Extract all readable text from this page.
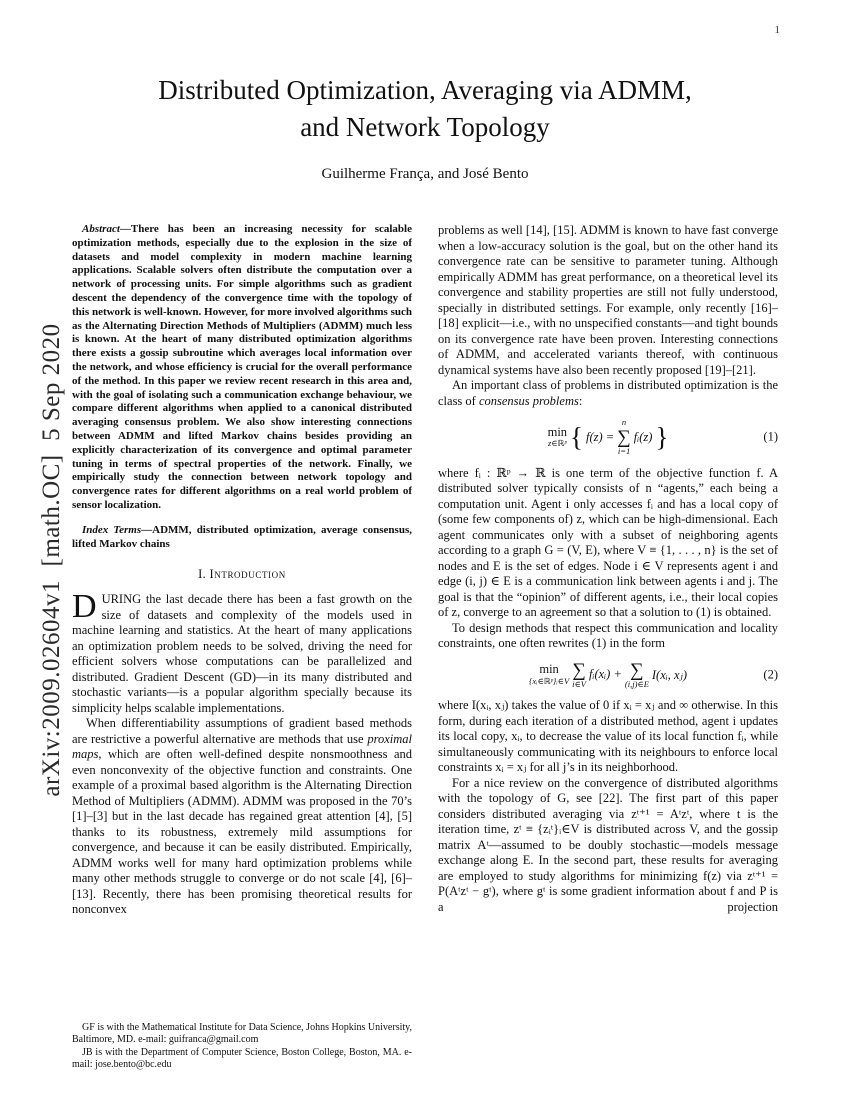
1
arXiv:2009.02604v1  [math.OC]  5 Sep 2020
Distributed Optimization, Averaging via ADMM,
and Network Topology
Guilherme França, and José Bento

Abstract—There has been an increasing necessity for scalable optimization methods, especially due to the explosion in the size of datasets and model complexity in modern machine learning applications. Scalable solvers often distribute the computation over a network of processing units. For simple algorithms such as gradient descent the dependency of the convergence time with the topology of this network is well-known. However, for more involved algorithms such as the Alternating Direction Methods of Multipliers (ADMM) much less is known. At the heart of many distributed optimization algorithms there exists a gossip subroutine which averages local information over the network, and whose efficiency is crucial for the overall performance of the method. In this paper we review recent research in this area and, with the goal of isolating such a communication exchange behaviour, we compare different algorithms when applied to a canonical distributed averaging consensus problem. We also show interesting connections between ADMM and lifted Markov chains besides providing an explicitly characterization of its convergence and optimal parameter tuning in terms of spectral properties of the network. Finally, we empirically study the connection between network topology and convergence rates for different algorithms on a real world problem of sensor localization.

Index Terms—ADMM, distributed optimization, average consensus, lifted Markov chains

I. Introduction

DURING the last decade there has been a fast growth on the size of datasets and complexity of the models used in machine learning and statistics. At the heart of many applications an optimization problem needs to be solved, driving the need for efficient solvers whose computations can be parallelized and distributed. Gradient Descent (GD)—in its many distributed and stochastic variants—is a popular algorithm specially because its simplicity helps scalable implementations.

When differentiability assumptions of gradient based methods are restrictive a powerful alternative are methods that use proximal maps, which are often well-defined despite nonsmoothness and even nonconvexity of the objective function and constraints. One example of a proximal based algorithm is the Alternating Direction Method of Multipliers (ADMM). ADMM was proposed in the 70’s [1]–[3] but in the last decade has regained great attention [4], [5] thanks to its robustness, extremely mild assumptions for convergence, and because it can be easily distributed. Empirically, ADMM works well for many hard optimization problems while many other methods struggle to converge or do not scale [4], [6]–[13]. Recently, there has been promising theoretical results for nonconvex

GF is with the Mathematical Institute for Data Science, Johns Hopkins University, Baltimore, MD. e-mail: guifranca@gmail.com

JB is with the Department of Computer Science, Boston College, Boston, MA. e-mail: jose.bento@bc.edu

problems as well [14], [15]. ADMM is known to have fast converge when a low-accuracy solution is the goal, but on the other hand its convergence rate can be sensitive to parameter tuning. Although empirically ADMM has great performance, on a theoretical level its convergence and stability properties are still not fully understood, specially in distributed settings. For example, only recently [16]–[18] explicit—i.e., with no unspecified constants—and tight bounds on its convergence rate have been proven. Interesting connections of ADMM, and accelerated variants thereof, with continuous dynamical systems have also been recently proposed [19]–[21].

An important class of problems in distributed optimization is the class of consensus problems:

min
z∈ℝᵖ { f(z) =
n
∑
i=1
fᵢ(z) }	(1)

where fᵢ : ℝᵖ → ℝ is one term of the objective function f. A distributed solver typically consists of n “agents,” each being a computation unit. Agent i only accesses fᵢ and has a local copy of (some few components of) z, which can be high-dimensional. Each agent communicates only with a subset of neighboring agents according to a graph G = (V, E), where V ≡ {1, . . . , n} is the set of nodes and E is the set of edges. Node i ∈ V represents agent i and edge (i, j) ∈ E is a communication link between agents i and j. The goal is that the “opinion” of different agents, i.e., their local copies of z, converge to an agreement so that a solution to (1) is obtained.

To design methods that respect this communication and locality constraints, one often rewrites (1) in the form

min
{xᵢ∈ℝᵖ}ᵢ∈V
∑
i∈V
fᵢ(xᵢ) + ∑
(i,j)∈E
I(xᵢ, xⱼ)	(2)

where I(xᵢ, xⱼ) takes the value of 0 if xᵢ = xⱼ and ∞ otherwise. In this form, during each iteration of a distributed method, agent i updates its local copy, xᵢ, to decrease the value of its local function fᵢ, while simultaneously communicating with its neighbours to enforce local constraints xᵢ = xⱼ for all j’s in its neighborhood.

For a nice review on the convergence of distributed algorithms with the topology of G, see [22]. The first part of this paper considers distributed averaging via zᵗ⁺¹ = Aᵗzᵗ, where t is the iteration time, zᵗ ≡ {zᵢᵗ}ᵢ∈V is distributed across V, and the gossip matrix Aᵗ—assumed to be doubly stochastic—models message exchange along E. In the second part, these results for averaging are employed to study algorithms for minimizing f(z) via zᵗ⁺¹ = P(Aᵗzᵗ − gᵗ), where gᵗ is some gradient information about f and P is a projection
